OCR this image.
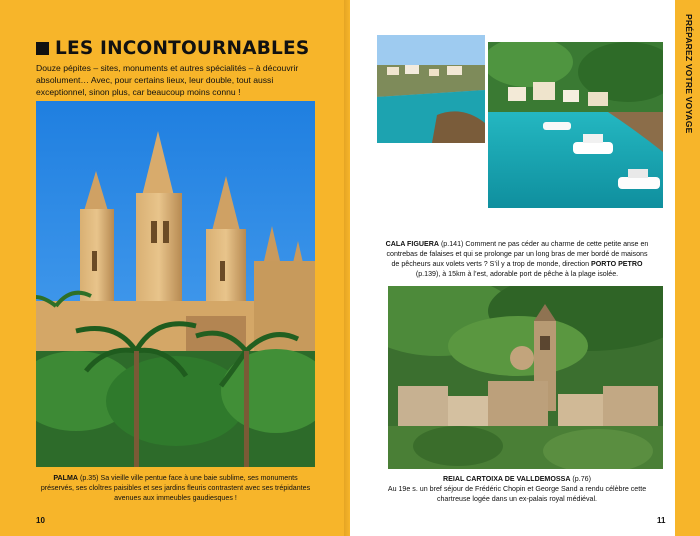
LES INCONTOURNABLES
Douze pépites – sites, monuments et autres spécialités – à découvrir absolument… Avec, pour certains lieux, leur double, tout aussi exceptionnel, sinon plus, car beaucoup moins connu !
PALMA (p.35) Sa vieille ville pentue face à une baie sublime, ses monuments préservés, ses cloîtres paisibles et ses jardins fleuris contrastent avec ses trépidantes avenues aux immeubles gaudiesques !
10
PRÉPAREZ VOTRE VOYAGE
CALA FIGUERA (p.141) Comment ne pas céder au charme de cette petite anse en contrebas de falaises et qui se prolonge par un long bras de mer bordé de maisons de pêcheurs aux volets verts ? S’il y a trop de monde, direction PORTO PETRO (p.139), à 15km à l’est, adorable port de pêche à la plage isolée.
REIAL CARTOIXA DE VALLDEMOSSA (p.76)
Au 19e s. un bref séjour de Frédéric Chopin et George Sand a rendu célèbre cette chartreuse logée dans un ex-palais royal médiéval.
11
